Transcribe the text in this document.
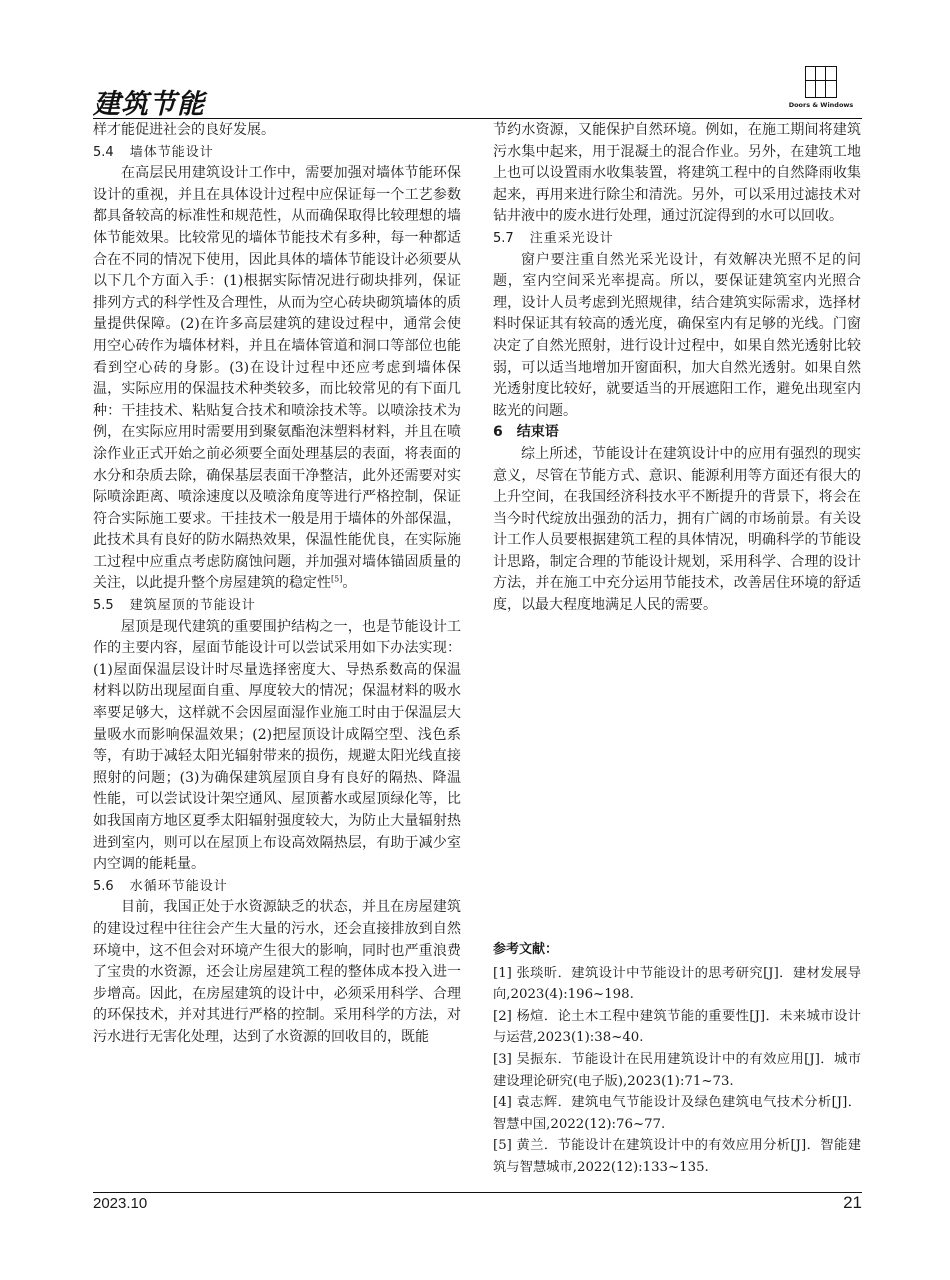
建筑节能	Doors & Windows

样才能促进社会的良好发展。

5.4 墙体节能设计

在高层民用建筑设计工作中，需要加强对墙体节能环保设计的重视，并且在具体设计过程中应保证每一个工艺参数都具备较高的标准性和规范性，从而确保取得比较理想的墙体节能效果。比较常见的墙体节能技术有多种，每一种都适合在不同的情况下使用，因此具体的墙体节能设计必须要从以下几个方面入手：(1)根据实际情况进行砌块排列，保证排列方式的科学性及合理性，从而为空心砖块砌筑墙体的质量提供保障。(2)在许多高层建筑的建设过程中，通常会使用空心砖作为墙体材料，并且在墙体管道和洞口等部位也能看到空心砖的身影。(3)在设计过程中还应考虑到墙体保温，实际应用的保温技术种类较多，而比较常见的有下面几种：干挂技术、粘贴复合技术和喷涂技术等。以喷涂技术为例，在实际应用时需要用到聚氨酯泡沫塑料材料，并且在喷涂作业正式开始之前必须要全面处理基层的表面，将表面的水分和杂质去除，确保基层表面干净整洁，此外还需要对实际喷涂距离、喷涂速度以及喷涂角度等进行严格控制，保证符合实际施工要求。干挂技术一般是用于墙体的外部保温，此技术具有良好的防水隔热效果，保温性能优良，在实际施工过程中应重点考虑防腐蚀问题，并加强对墙体锚固质量的关注，以此提升整个房屋建筑的稳定性[5]。

5.5 建筑屋顶的节能设计

屋顶是现代建筑的重要围护结构之一，也是节能设计工作的主要内容，屋面节能设计可以尝试采用如下办法实现：(1)屋面保温层设计时尽量选择密度大、导热系数高的保温材料以防出现屋面自重、厚度较大的情况；保温材料的吸水率要足够大，这样就不会因屋面湿作业施工时由于保温层大量吸水而影响保温效果；(2)把屋顶设计成隔空型、浅色系等，有助于减轻太阳光辐射带来的损伤，规避太阳光线直接照射的问题；(3)为确保建筑屋顶自身有良好的隔热、降温性能，可以尝试设计架空通风、屋顶蓄水或屋顶绿化等，比如我国南方地区夏季太阳辐射强度较大，为防止大量辐射热进到室内，则可以在屋顶上布设高效隔热层，有助于减少室内空调的能耗量。

5.6 水循环节能设计

目前，我国正处于水资源缺乏的状态，并且在房屋建筑的建设过程中往往会产生大量的污水，还会直接排放到自然环境中，这不但会对环境产生很大的影响，同时也严重浪费了宝贵的水资源，还会让房屋建筑工程的整体成本投入进一步增高。因此，在房屋建筑的设计中，必须采用科学、合理的环保技术，并对其进行严格的控制。采用科学的方法，对污水进行无害化处理，达到了水资源的回收目的，既能

节约水资源，又能保护自然环境。例如，在施工期间将建筑污水集中起来，用于混凝土的混合作业。另外，在建筑工地上也可以设置雨水收集装置，将建筑工程中的自然降雨收集起来，再用来进行除尘和清洗。另外，可以采用过滤技术对钻井液中的废水进行处理，通过沉淀得到的水可以回收。

5.7 注重采光设计

窗户要注重自然光采光设计，有效解决光照不足的问题，室内空间采光率提高。所以，要保证建筑室内光照合理，设计人员考虑到光照规律，结合建筑实际需求，选择材料时保证其有较高的透光度，确保室内有足够的光线。门窗决定了自然光照射，进行设计过程中，如果自然光透射比较弱，可以适当地增加开窗面积，加大自然光透射。如果自然光透射度比较好，就要适当的开展遮阳工作，避免出现室内眩光的问题。

6 结束语

综上所述，节能设计在建筑设计中的应用有强烈的现实意义，尽管在节能方式、意识、能源利用等方面还有很大的上升空间，在我国经济科技水平不断提升的背景下，将会在当今时代绽放出强劲的活力，拥有广阔的市场前景。有关设计工作人员要根据建筑工程的具体情况，明确科学的节能设计思路，制定合理的节能设计规划，采用科学、合理的设计方法，并在施工中充分运用节能技术，改善居住环境的舒适度，以最大程度地满足人民的需要。

参考文献：

[1] 张琰昕．建筑设计中节能设计的思考研究[J]．建材发展导向,2023(4):196~198.

[2] 杨煊．论土木工程中建筑节能的重要性[J]．未来城市设计与运营,2023(1):38~40.

[3] 吴振东．节能设计在民用建筑设计中的有效应用[J]．城市建设理论研究(电子版),2023(1):71~73.

[4] 袁志辉．建筑电气节能设计及绿色建筑电气技术分析[J]．智慧中国,2022(12):76~77.

[5] 黄兰．节能设计在建筑设计中的有效应用分析[J]．智能建筑与智慧城市,2022(12):133~135.

2023.10	21
